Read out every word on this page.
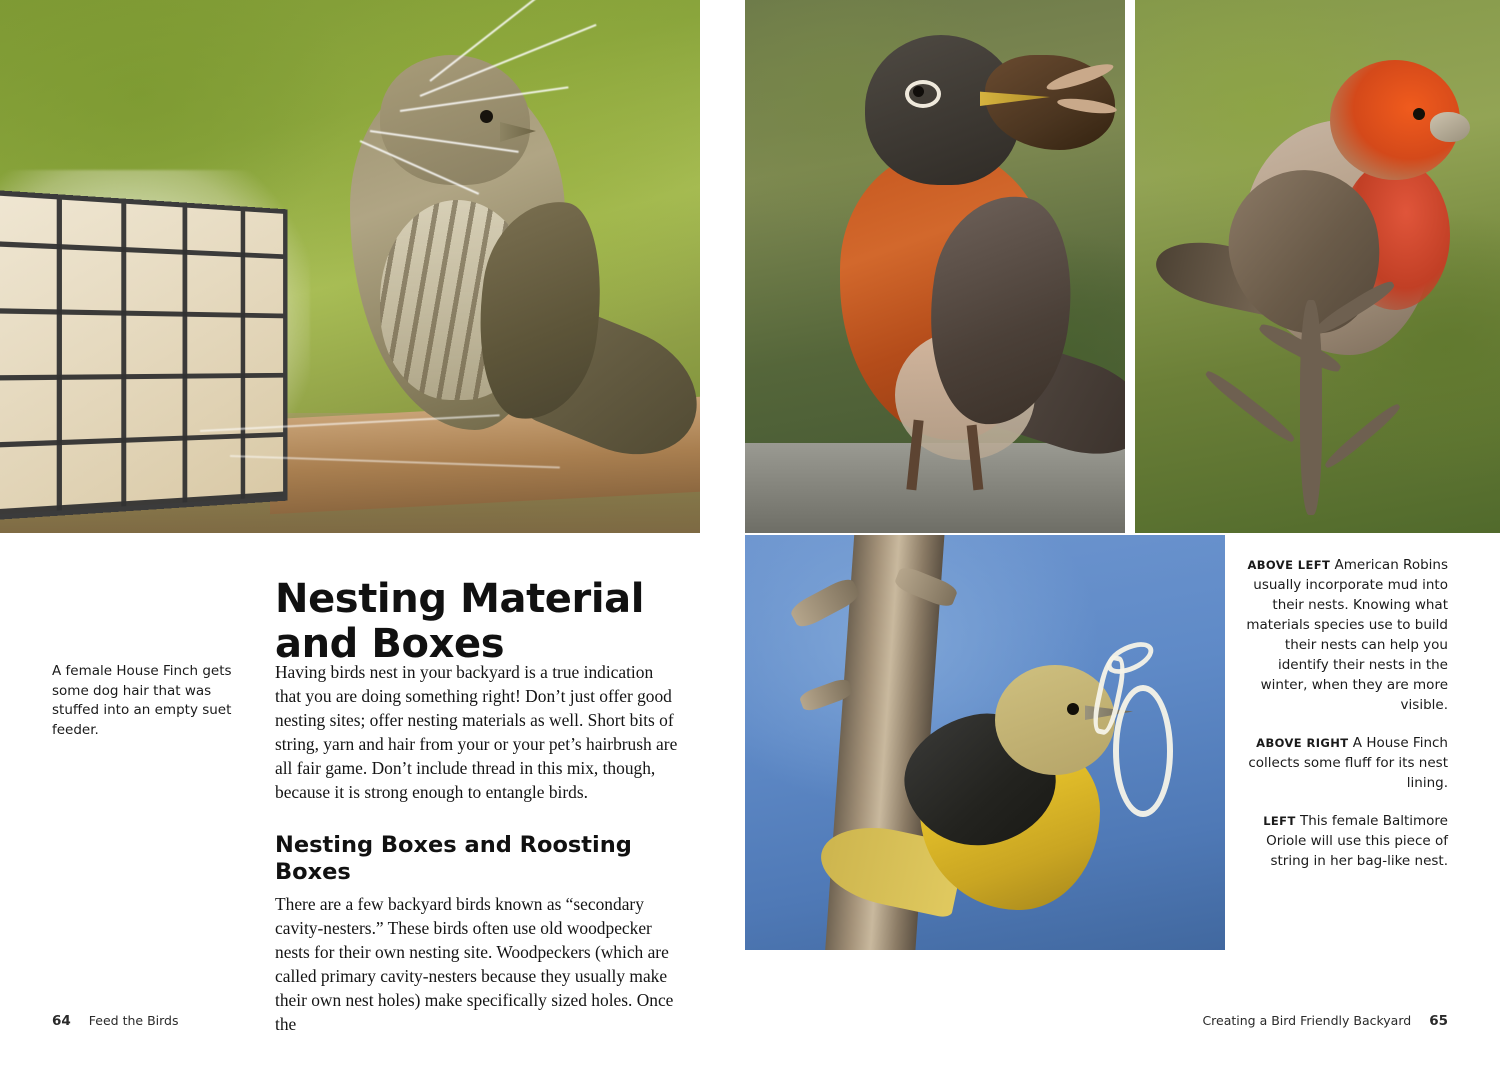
Nesting Material
and Boxes
A female House Finch gets some dog hair that was stuffed into an empty suet feeder.

Having birds nest in your backyard is a true indication that you are doing something right! Don’t just offer good nesting sites; offer nesting materials as well. Short bits of string, yarn and hair from your or your pet’s hairbrush are all fair game. Don’t include thread in this mix, though, because it is strong enough to entangle birds.

Nesting Boxes and Roosting Boxes

There are a few backyard birds known as “secondary cavity-nesters.” These birds often use old woodpecker nests for their own nesting site. Woodpeckers (which are called primary cavity-nesters because they usually make their own nest holes) make specifically sized holes. Once the

ABOVE LEFT American Robins usually incorporate mud into their nests. Knowing what materials species use to build their nests can help you identify their nests in the winter, when they are more visible.
ABOVE RIGHT A House Finch collects some fluff for its nest lining.
LEFT This female Baltimore Oriole will use this piece of string in her bag-like nest.
64 Feed the Birds	Creating a Bird Friendly Backyard 65
